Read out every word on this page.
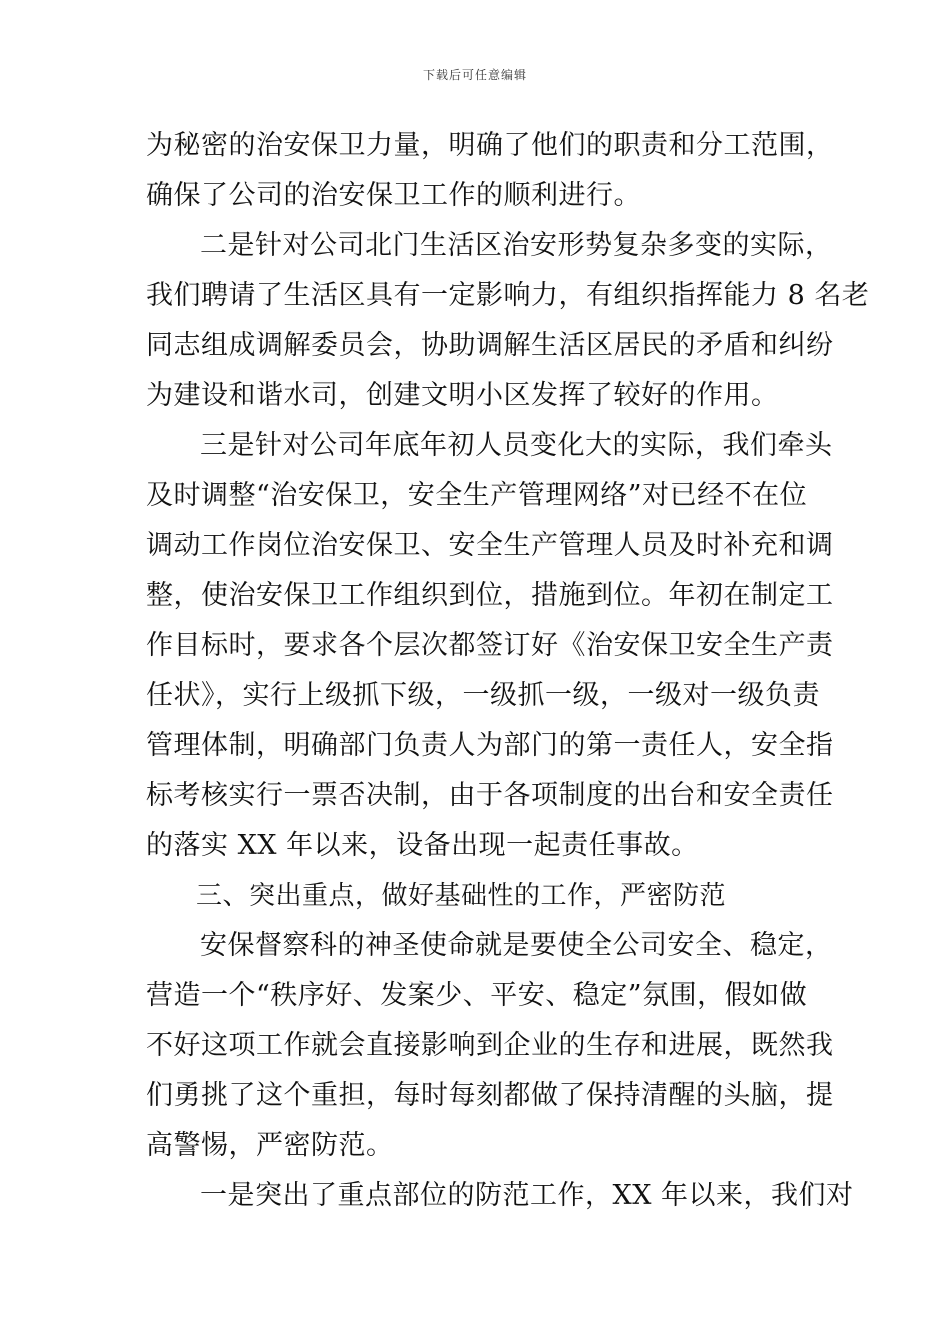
下载后可任意编辑
为秘密的治安保卫力量，明确了他们的职责和分工范围，
确保了公司的治安保卫工作的顺利进行。
二是针对公司北门生活区治安形势复杂多变的实际，
我们聘请了生活区具有一定影响力，有组织指挥能力 8 名老
同志组成调解委员会，协助调解生活区居民的矛盾和纠纷
为建设和谐水司，创建文明小区发挥了较好的作用。
三是针对公司年底年初人员变化大的实际，我们牵头
及时调整“治安保卫，安全生产管理网络”对已经不在位
调动工作岗位治安保卫、安全生产管理人员及时补充和调
整，使治安保卫工作组织到位，措施到位。年初在制定工
作目标时，要求各个层次都签订好《治安保卫安全生产责
任状》，实行上级抓下级，一级抓一级，一级对一级负责
管理体制，明确部门负责人为部门的第一责任人，安全指
标考核实行一票否决制，由于各项制度的出台和安全责任
的落实 XX 年以来，设备出现一起责任事故。
三、突出重点，做好基础性的工作，严密防范
安保督察科的神圣使命就是要使全公司安全、稳定，
营造一个“秩序好、发案少、平安、稳定”氛围，假如做
不好这项工作就会直接影响到企业的生存和进展，既然我
们勇挑了这个重担，每时每刻都做了保持清醒的头脑，提
高警惕，严密防范。
一是突出了重点部位的防范工作，XX 年以来，我们对
